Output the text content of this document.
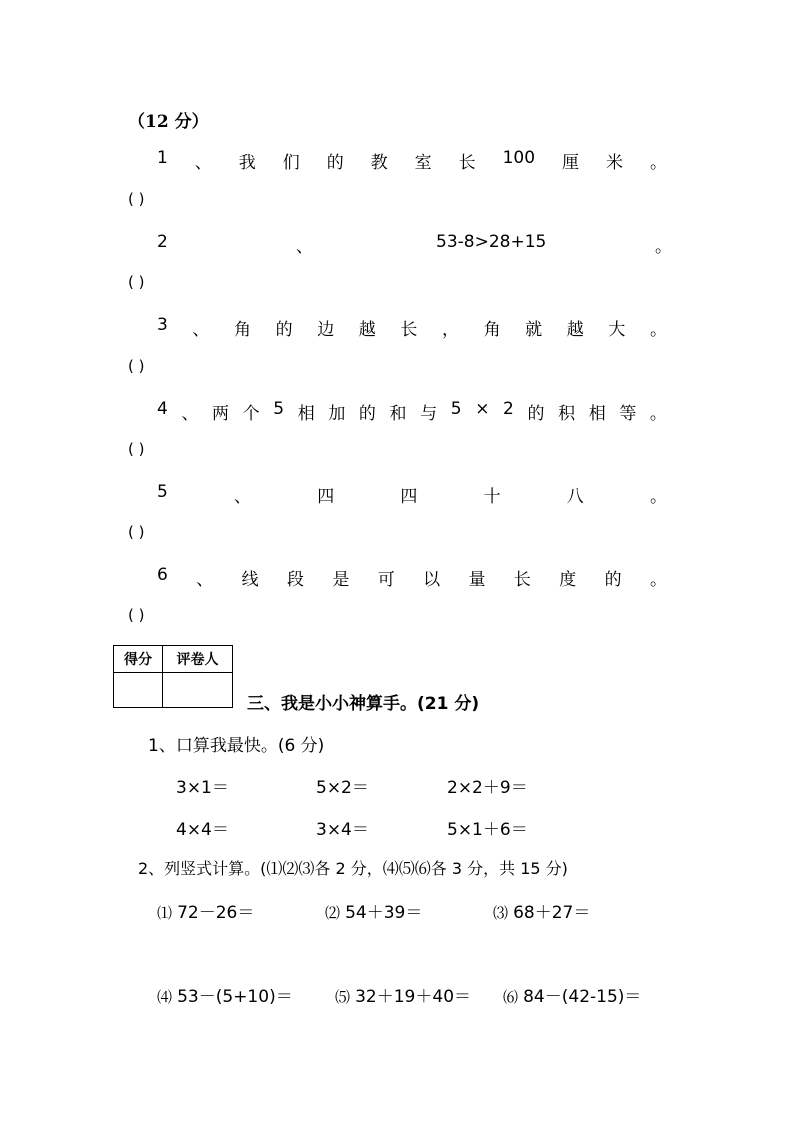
（12 分）
1 、 我 们 的 教 室 长 100 厘 米 。
( )
2	、	53-8>28+15	。
( )
3 、 角 的 边 越 长 ， 角 就 越 大 。
( )
4 、 两 个 5 相 加 的 和 与 5 × 2 的 积 相 等 。
( )
5	、	四	四	十	八	。
( )
6 、 线 段 是 可 以 量 长 度 的 。
( )
得分	评卷人

三、我是小小神算手。(21 分)
1、口算我最快。(6 分)
3×1＝	5×2＝	2×2＋9＝
4×4＝	3×4＝	5×1＋6＝
2、列竖式计算。(⑴⑵⑶各 2 分，⑷⑸⑹各 3 分，共 15 分)
⑴ 72－26＝	⑵ 54＋39＝	⑶ 68＋27＝
⑷ 53－(5+10)＝	⑸ 32＋19＋40＝ ⑹ 84－(42-15)＝
